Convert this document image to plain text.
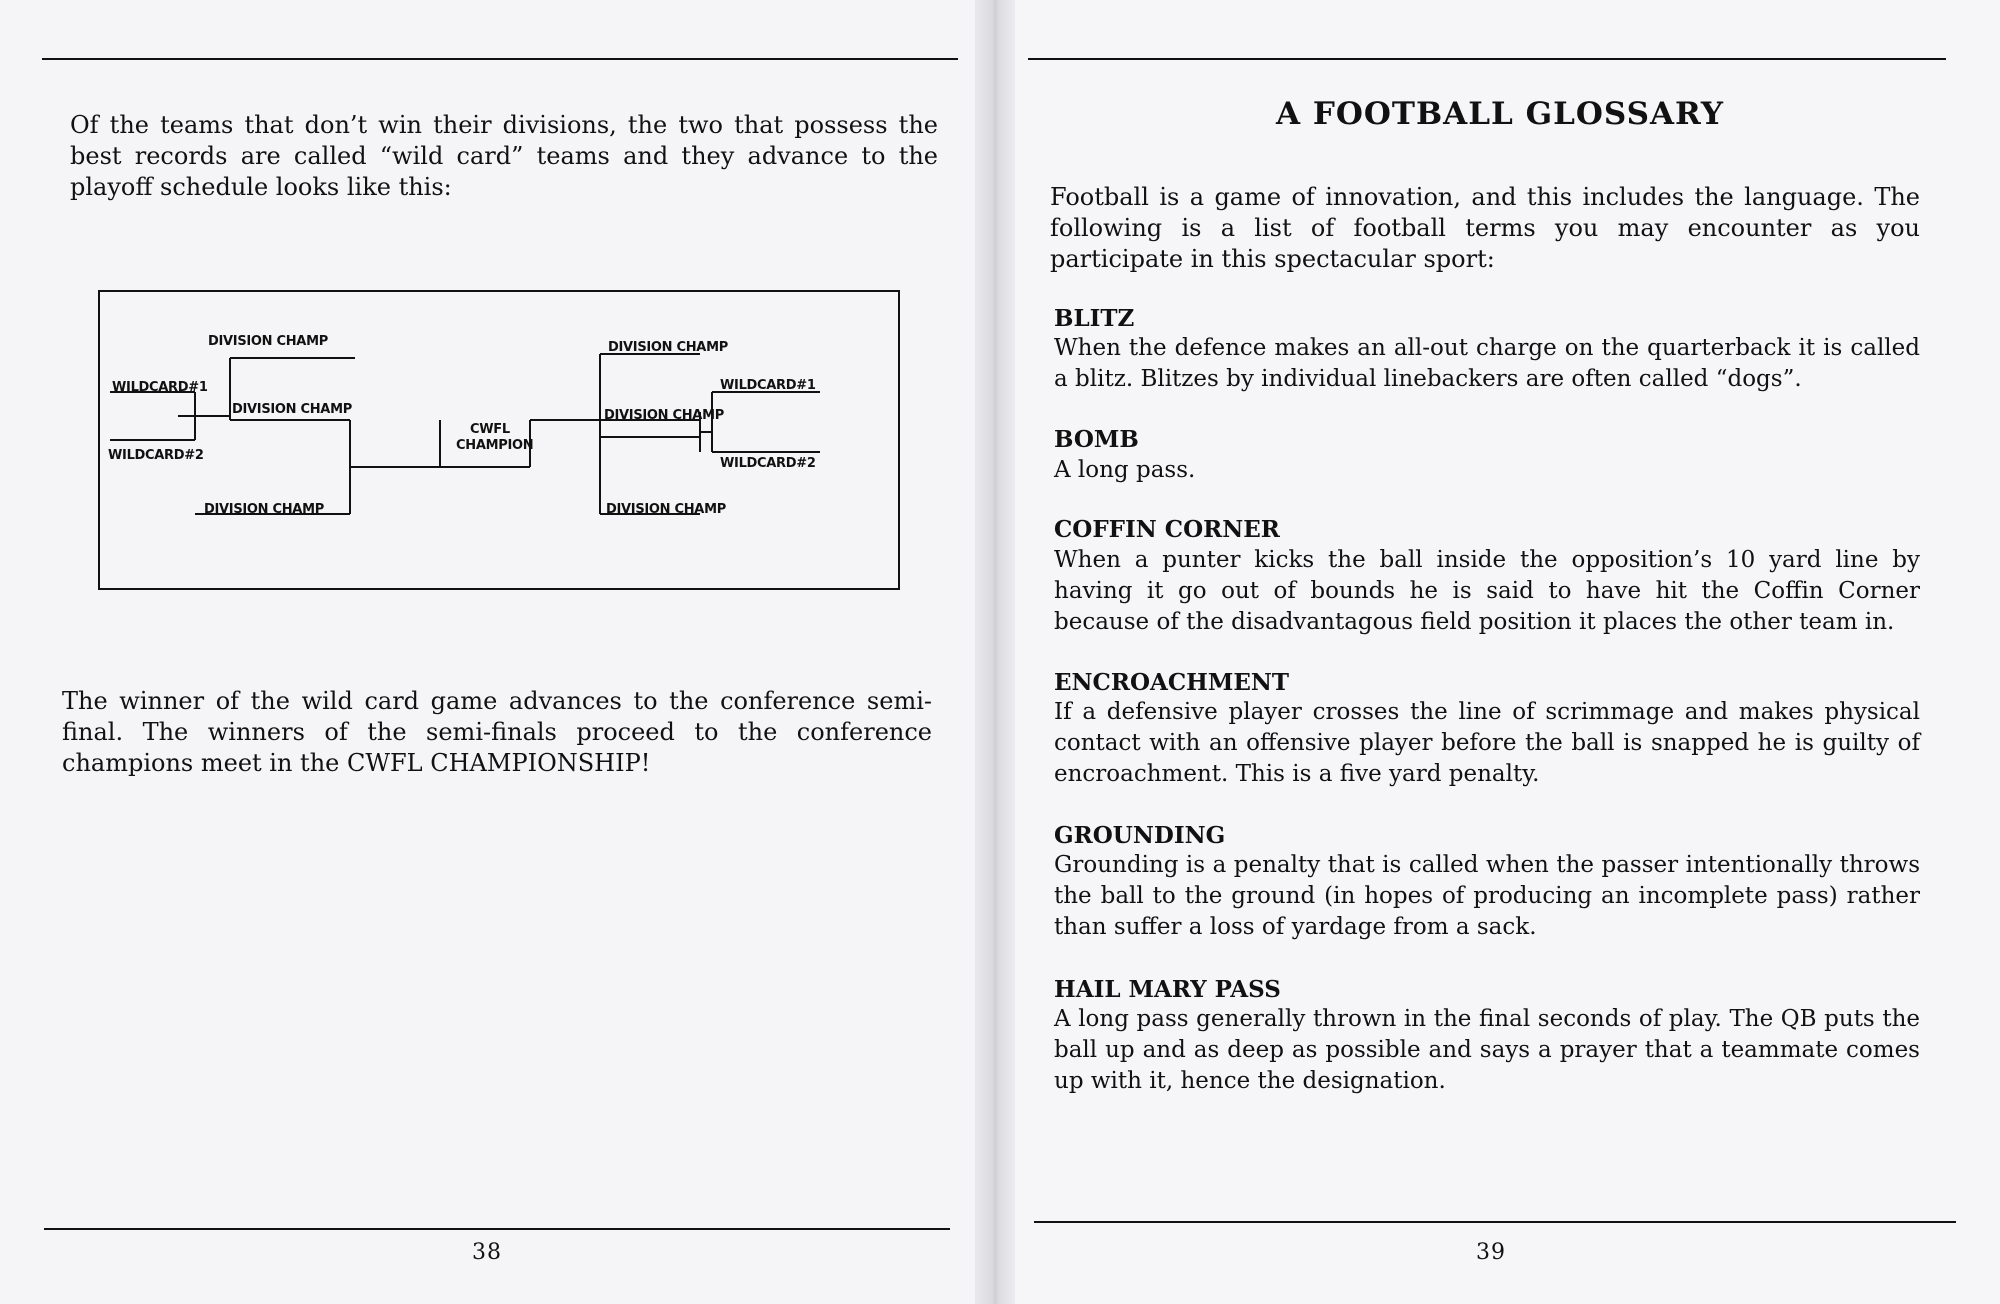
Of the teams that don’t win their divisions, the two that possess the best records are called “wild card” teams and they advance to the playoff schedule looks like this:
DIVISION CHAMP
WILDCARD#1
DIVISION CHAMP
WILDCARD#2
DIVISION CHAMP
CWFL
CHAMPION
DIVISION CHAMP
DIVISION CHAMP
DIVISION CHAMP
WILDCARD#1
WILDCARD#2
The winner of the wild card game advances to the conference semi-final. The winners of the semi-finals proceed to the conference champions meet in the CWFL CHAMPIONSHIP!
38
A FOOTBALL GLOSSARY
Football is a game of innovation, and this includes the language. The following is a list of football terms you may encounter as you participate in this spectacular sport:
BLITZ
When the defence makes an all-out charge on the quarterback it is called a blitz. Blitzes by individual linebackers are often called “dogs”.
BOMB
A long pass.
COFFIN CORNER
When a punter kicks the ball inside the opposition’s 10 yard line by having it go out of bounds he is said to have hit the Coffin Corner because of the disadvantagous field position it places the other team in.
ENCROACHMENT
If a defensive player crosses the line of scrimmage and makes physical contact with an offensive player before the ball is snapped he is guilty of encroachment. This is a five yard penalty.
GROUNDING
Grounding is a penalty that is called when the passer intentionally throws the ball to the ground (in hopes of producing an incomplete pass) rather than suffer a loss of yardage from a sack.
HAIL MARY PASS
A long pass generally thrown in the final seconds of play. The QB puts the ball up and as deep as possible and says a prayer that a teammate comes up with it, hence the designation.
39
